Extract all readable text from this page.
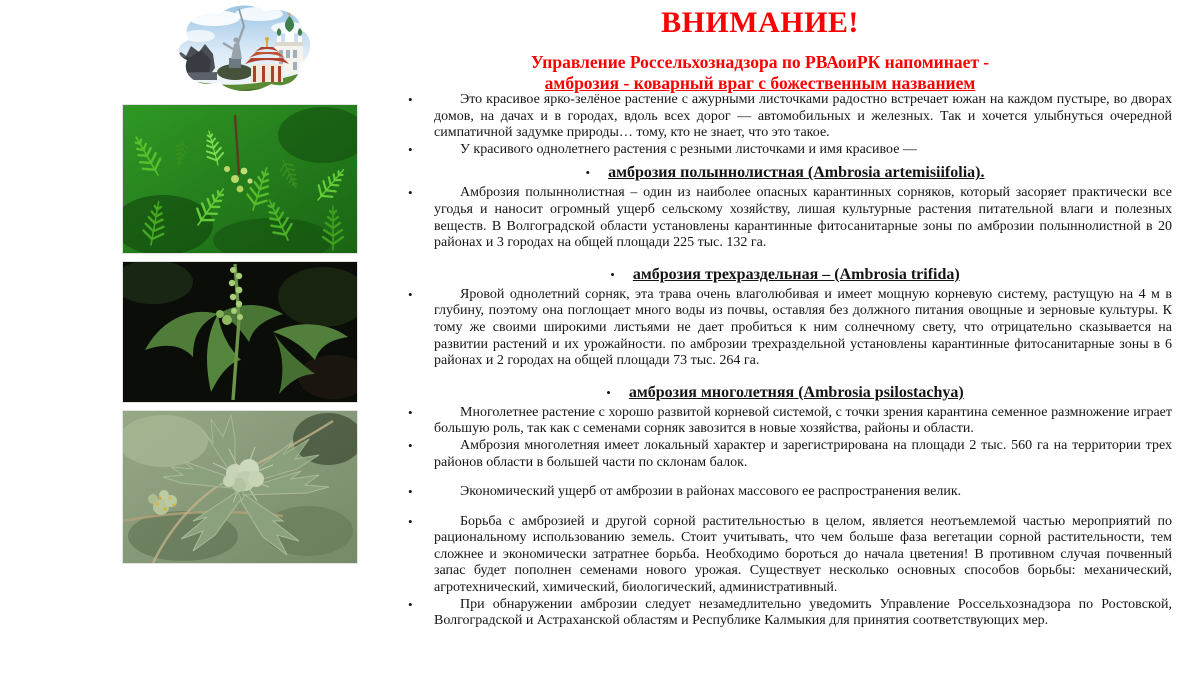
ВНИМАНИЕ!
Управление Россельхознадзора по РВАоиРК напоминает -
амброзия - коварный враг с божественным названием
• Это красивое ярко-зелёное растение с ажурными листочками радостно встречает южан на каждом пустыре, во дворах домов, на дачах и в городах, вдоль всех дорог — автомобильных и железных. Так и хочется улыбнуться очередной симпатичной задумке природы… тому, кто не знает, что это такое.
• У красивого однолетнего растения с резными листочками и имя красивое —
• амброзия полыннолистная (Ambrosia artemisiifolia).
• Амброзия полыннолистная – один из наиболее опасных карантинных сорняков, который засоряет практически все угодья и наносит огромный ущерб сельскому хозяйству, лишая культурные растения питательной влаги и полезных веществ. В Волгоградской области установлены карантинные фитосанитарные зоны по амброзии полыннолистной в 20 районах и 3 городах на общей площади 225 тыс. 132 га.
• амброзия трехраздельная – (Ambrosia trifida)
• Яровой однолетний сорняк, эта трава очень влаголюбивая и имеет мощную корневую систему, растущую на 4 м в глубину, поэтому она поглощает много воды из почвы, оставляя без должного питания овощные и зерновые культуры. К тому же своими широкими листьями не дает пробиться к ним солнечному свету, что отрицательно сказывается на развитии растений и их урожайности. по амброзии трехраздельной установлены карантинные фитосанитарные зоны в 6 районах и 2 городах на общей площади 73 тыс. 264 га.
• амброзия многолетняя (Ambrosia psilostachya)
• Многолетнее растение с хорошо развитой корневой системой, с точки зрения карантина семенное размножение играет большую роль, так как с семенами сорняк завозится в новые хозяйства, районы и области.
• Амброзия многолетняя имеет локальный характер и зарегистрирована на площади 2 тыс. 560 га на территории трех районов области в большей части по склонам балок.
• Экономический ущерб от амброзии в районах массового ее распространения велик.
• Борьба с амброзией и другой сорной растительностью в целом, является неотъемлемой частью мероприятий по рациональному использованию земель. Стоит учитывать, что чем больше фаза вегетации сорной растительности, тем сложнее и экономически затратнее борьба. Необходимо бороться до начала цветения! В противном случая почвенный запас будет пополнен семенами нового урожая. Существует несколько основных способов борьбы: механический, агротехнический, химический, биологический, административный.
• При обнаружении амброзии следует незамедлительно уведомить Управление Россельхознадзора по Ростовской, Волгоградской и Астраханской областям и Республике Калмыкия для принятия соответствующих мер.
